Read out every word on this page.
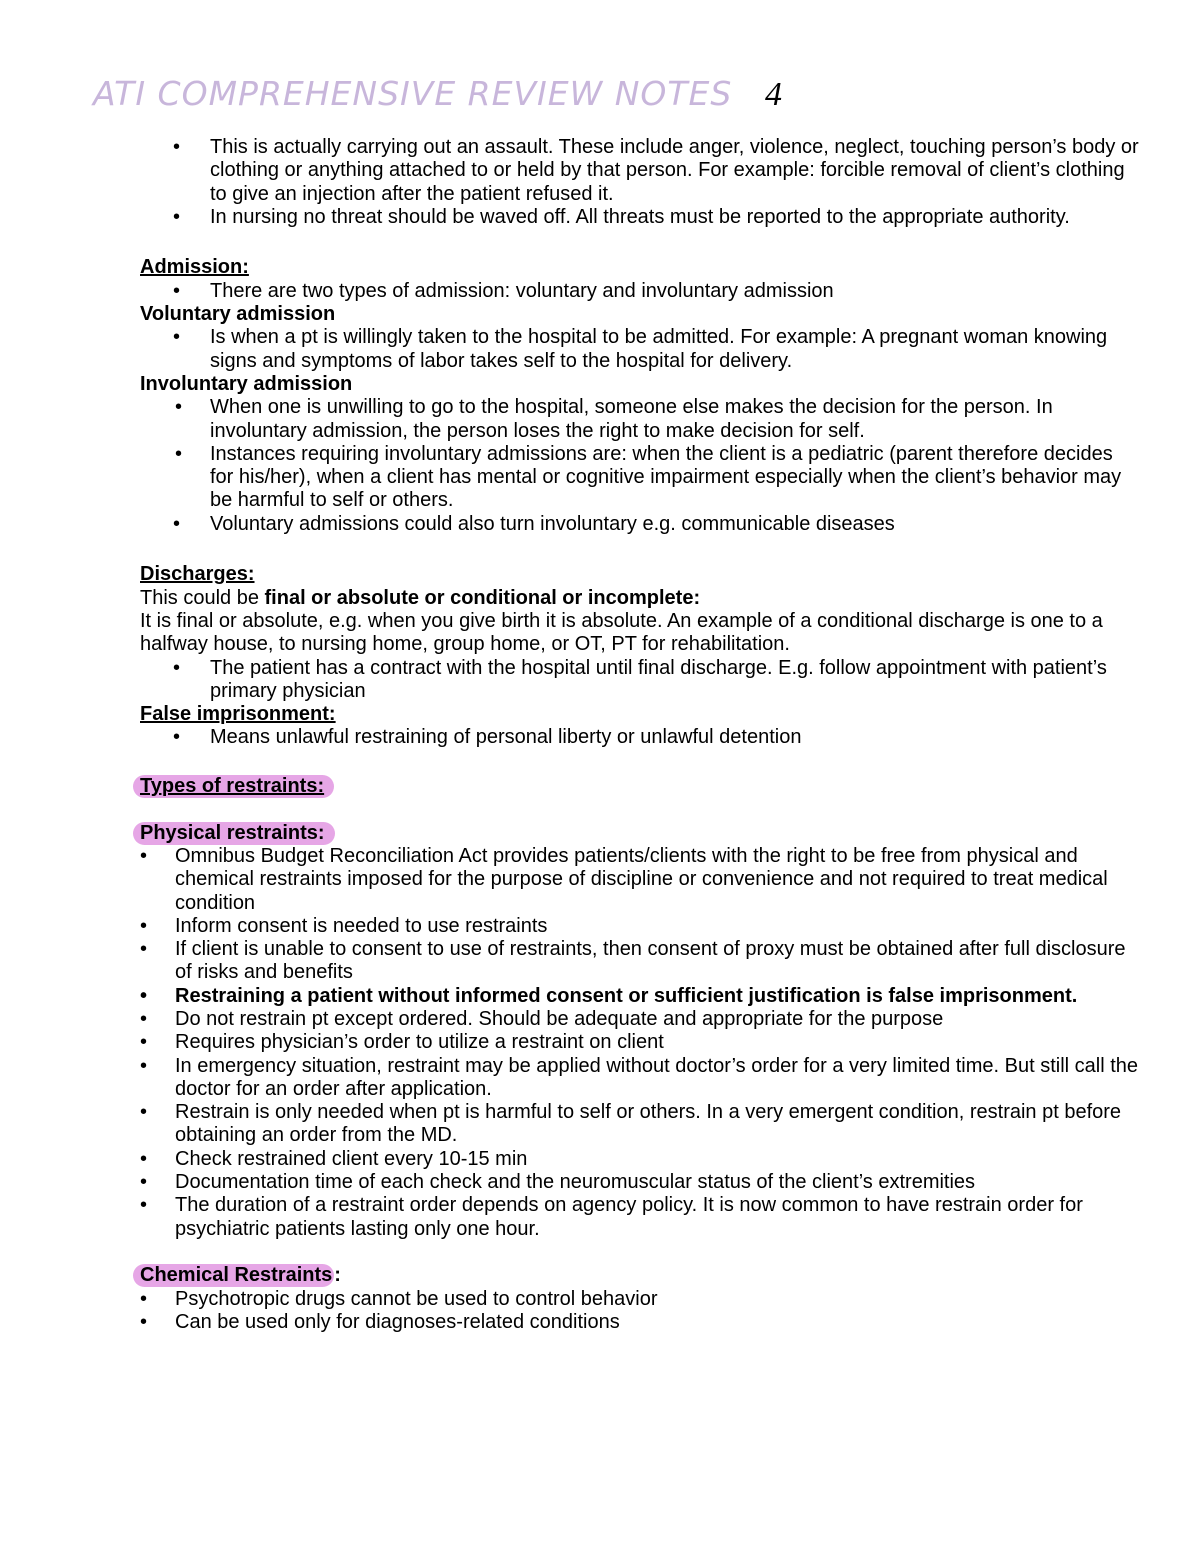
ATI COMPREHENSIVE REVIEW NOTES 4
• This is actually carrying out an assault. These include anger, violence, neglect, touching person’s body or clothing or anything attached to or held by that person. For example: forcible removal of client’s clothing to give an injection after the patient refused it.
• In nursing no threat should be waved off. All threats must be reported to the appropriate authority.
Admission:
• There are two types of admission: voluntary and involuntary admission
Voluntary admission
• Is when a pt is willingly taken to the hospital to be admitted. For example: A pregnant woman knowing signs and symptoms of labor takes self to the hospital for delivery.
Involuntary admission
• When one is unwilling to go to the hospital, someone else makes the decision for the person. In involuntary admission, the person loses the right to make decision for self.
• Instances requiring involuntary admissions are: when the client is a pediatric (parent therefore decides for his/her), when a client has mental or cognitive impairment especially when the client’s behavior may be harmful to self or others.
• Voluntary admissions could also turn involuntary e.g. communicable diseases
Discharges:
This could be final or absolute or conditional or incomplete:
It is final or absolute, e.g. when you give birth it is absolute. An example of a conditional discharge is one to a halfway house, to nursing home, group home, or OT, PT for rehabilitation.
• The patient has a contract with the hospital until final discharge. E.g. follow appointment with patient’s primary physician
False imprisonment:
• Means unlawful restraining of personal liberty or unlawful detention
Types of restraints:
Physical restraints:
• Omnibus Budget Reconciliation Act provides patients/clients with the right to be free from physical and chemical restraints imposed for the purpose of discipline or convenience and not required to treat medical condition
• Inform consent is needed to use restraints
• If client is unable to consent to use of restraints, then consent of proxy must be obtained after full disclosure of risks and benefits
• Restraining a patient without informed consent or sufficient justification is false imprisonment.
• Do not restrain pt except ordered. Should be adequate and appropriate for the purpose
• Requires physician’s order to utilize a restraint on client
• In emergency situation, restraint may be applied without doctor’s order for a very limited time. But still call the doctor for an order after application.
• Restrain is only needed when pt is harmful to self or others. In a very emergent condition, restrain pt before obtaining an order from the MD.
• Check restrained client every 10-15 min
• Documentation time of each check and the neuromuscular status of the client’s extremities
• The duration of a restraint order depends on agency policy. It is now common to have restrain order for psychiatric patients lasting only one hour.
Chemical Restraints :
• Psychotropic drugs cannot be used to control behavior
• Can be used only for diagnoses-related conditions
